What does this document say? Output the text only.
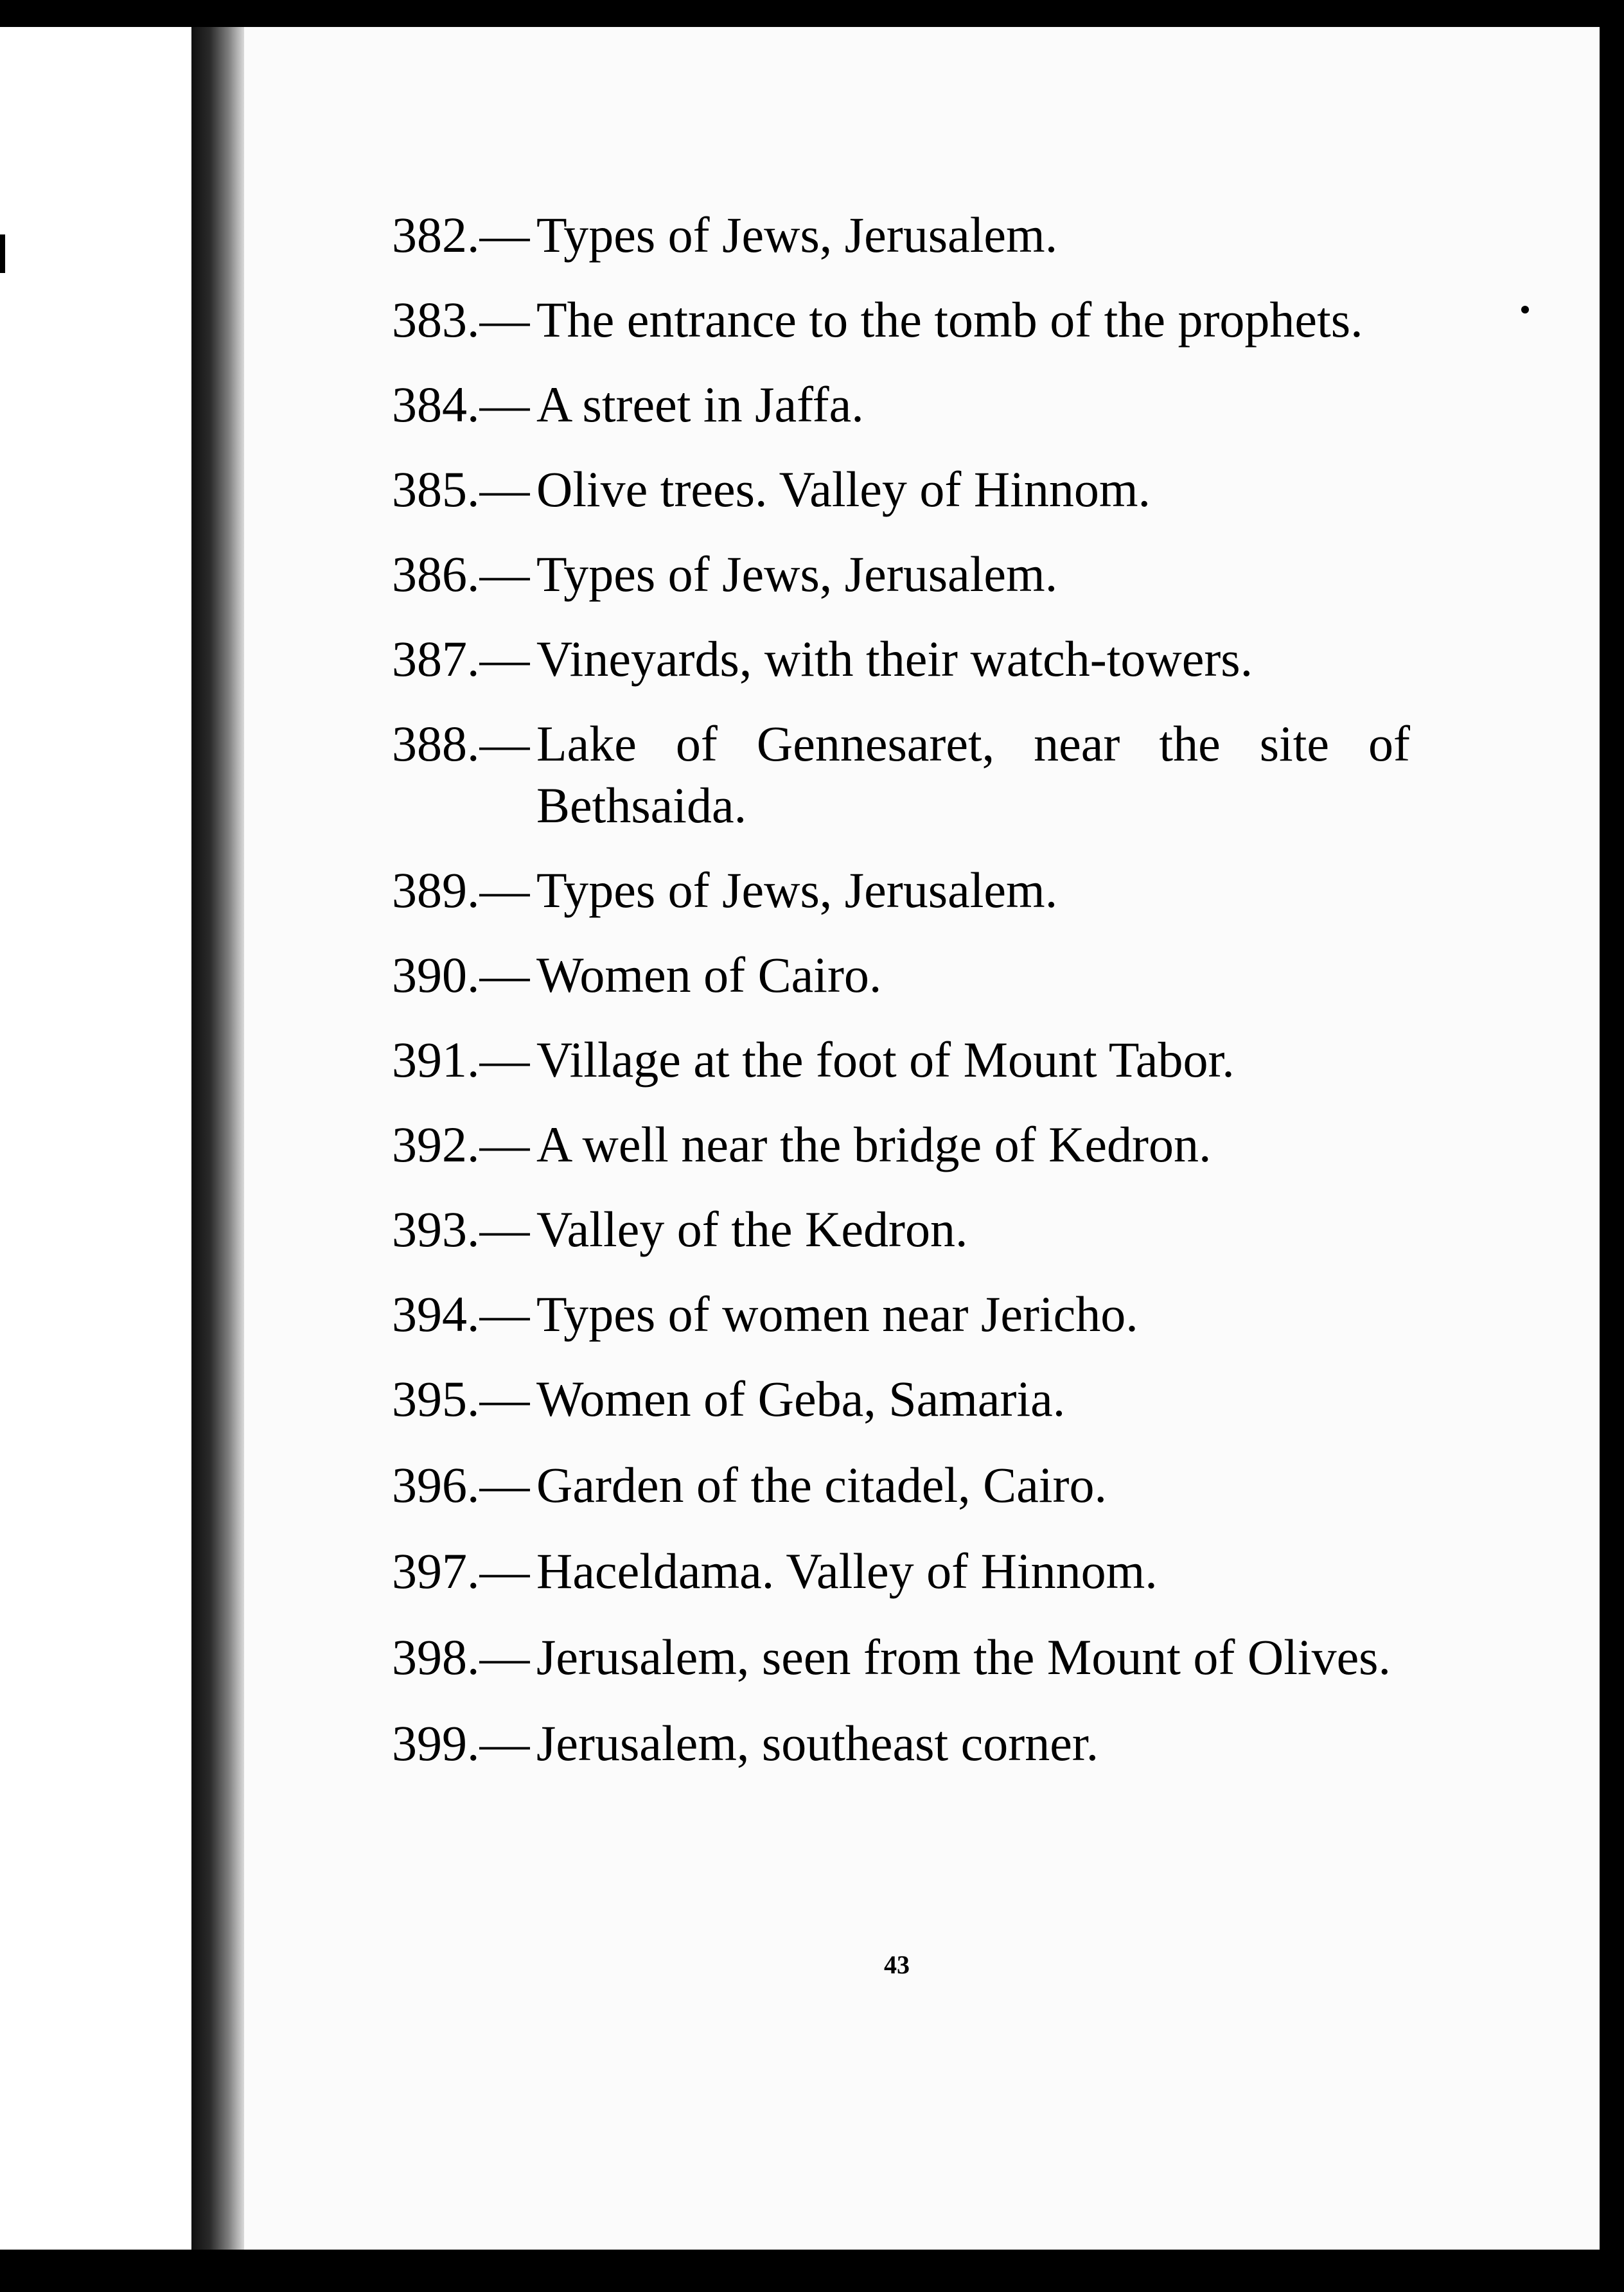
382.— Types of Jews, Jerusalem.
383.— The entrance to the tomb of the prophets.
384.— A street in Jaffa.
385.— Olive trees. Valley of Hinnom.
386.— Types of Jews, Jerusalem.
387.— Vineyards, with their watch-towers.
388.— Lake of Gennesaret, near the site of Bethsaida.
389.— Types of Jews, Jerusalem.
390.— Women of Cairo.
391.— Village at the foot of Mount Tabor.
392.— A well near the bridge of Kedron.
393.— Valley of the Kedron.
394.— Types of women near Jericho.
395.— Women of Geba, Samaria.
396.— Garden of the citadel, Cairo.
397.— Haceldama. Valley of Hinnom.
398.— Jerusalem, seen from the Mount of Olives.
399.— Jerusalem, southeast corner.
43
